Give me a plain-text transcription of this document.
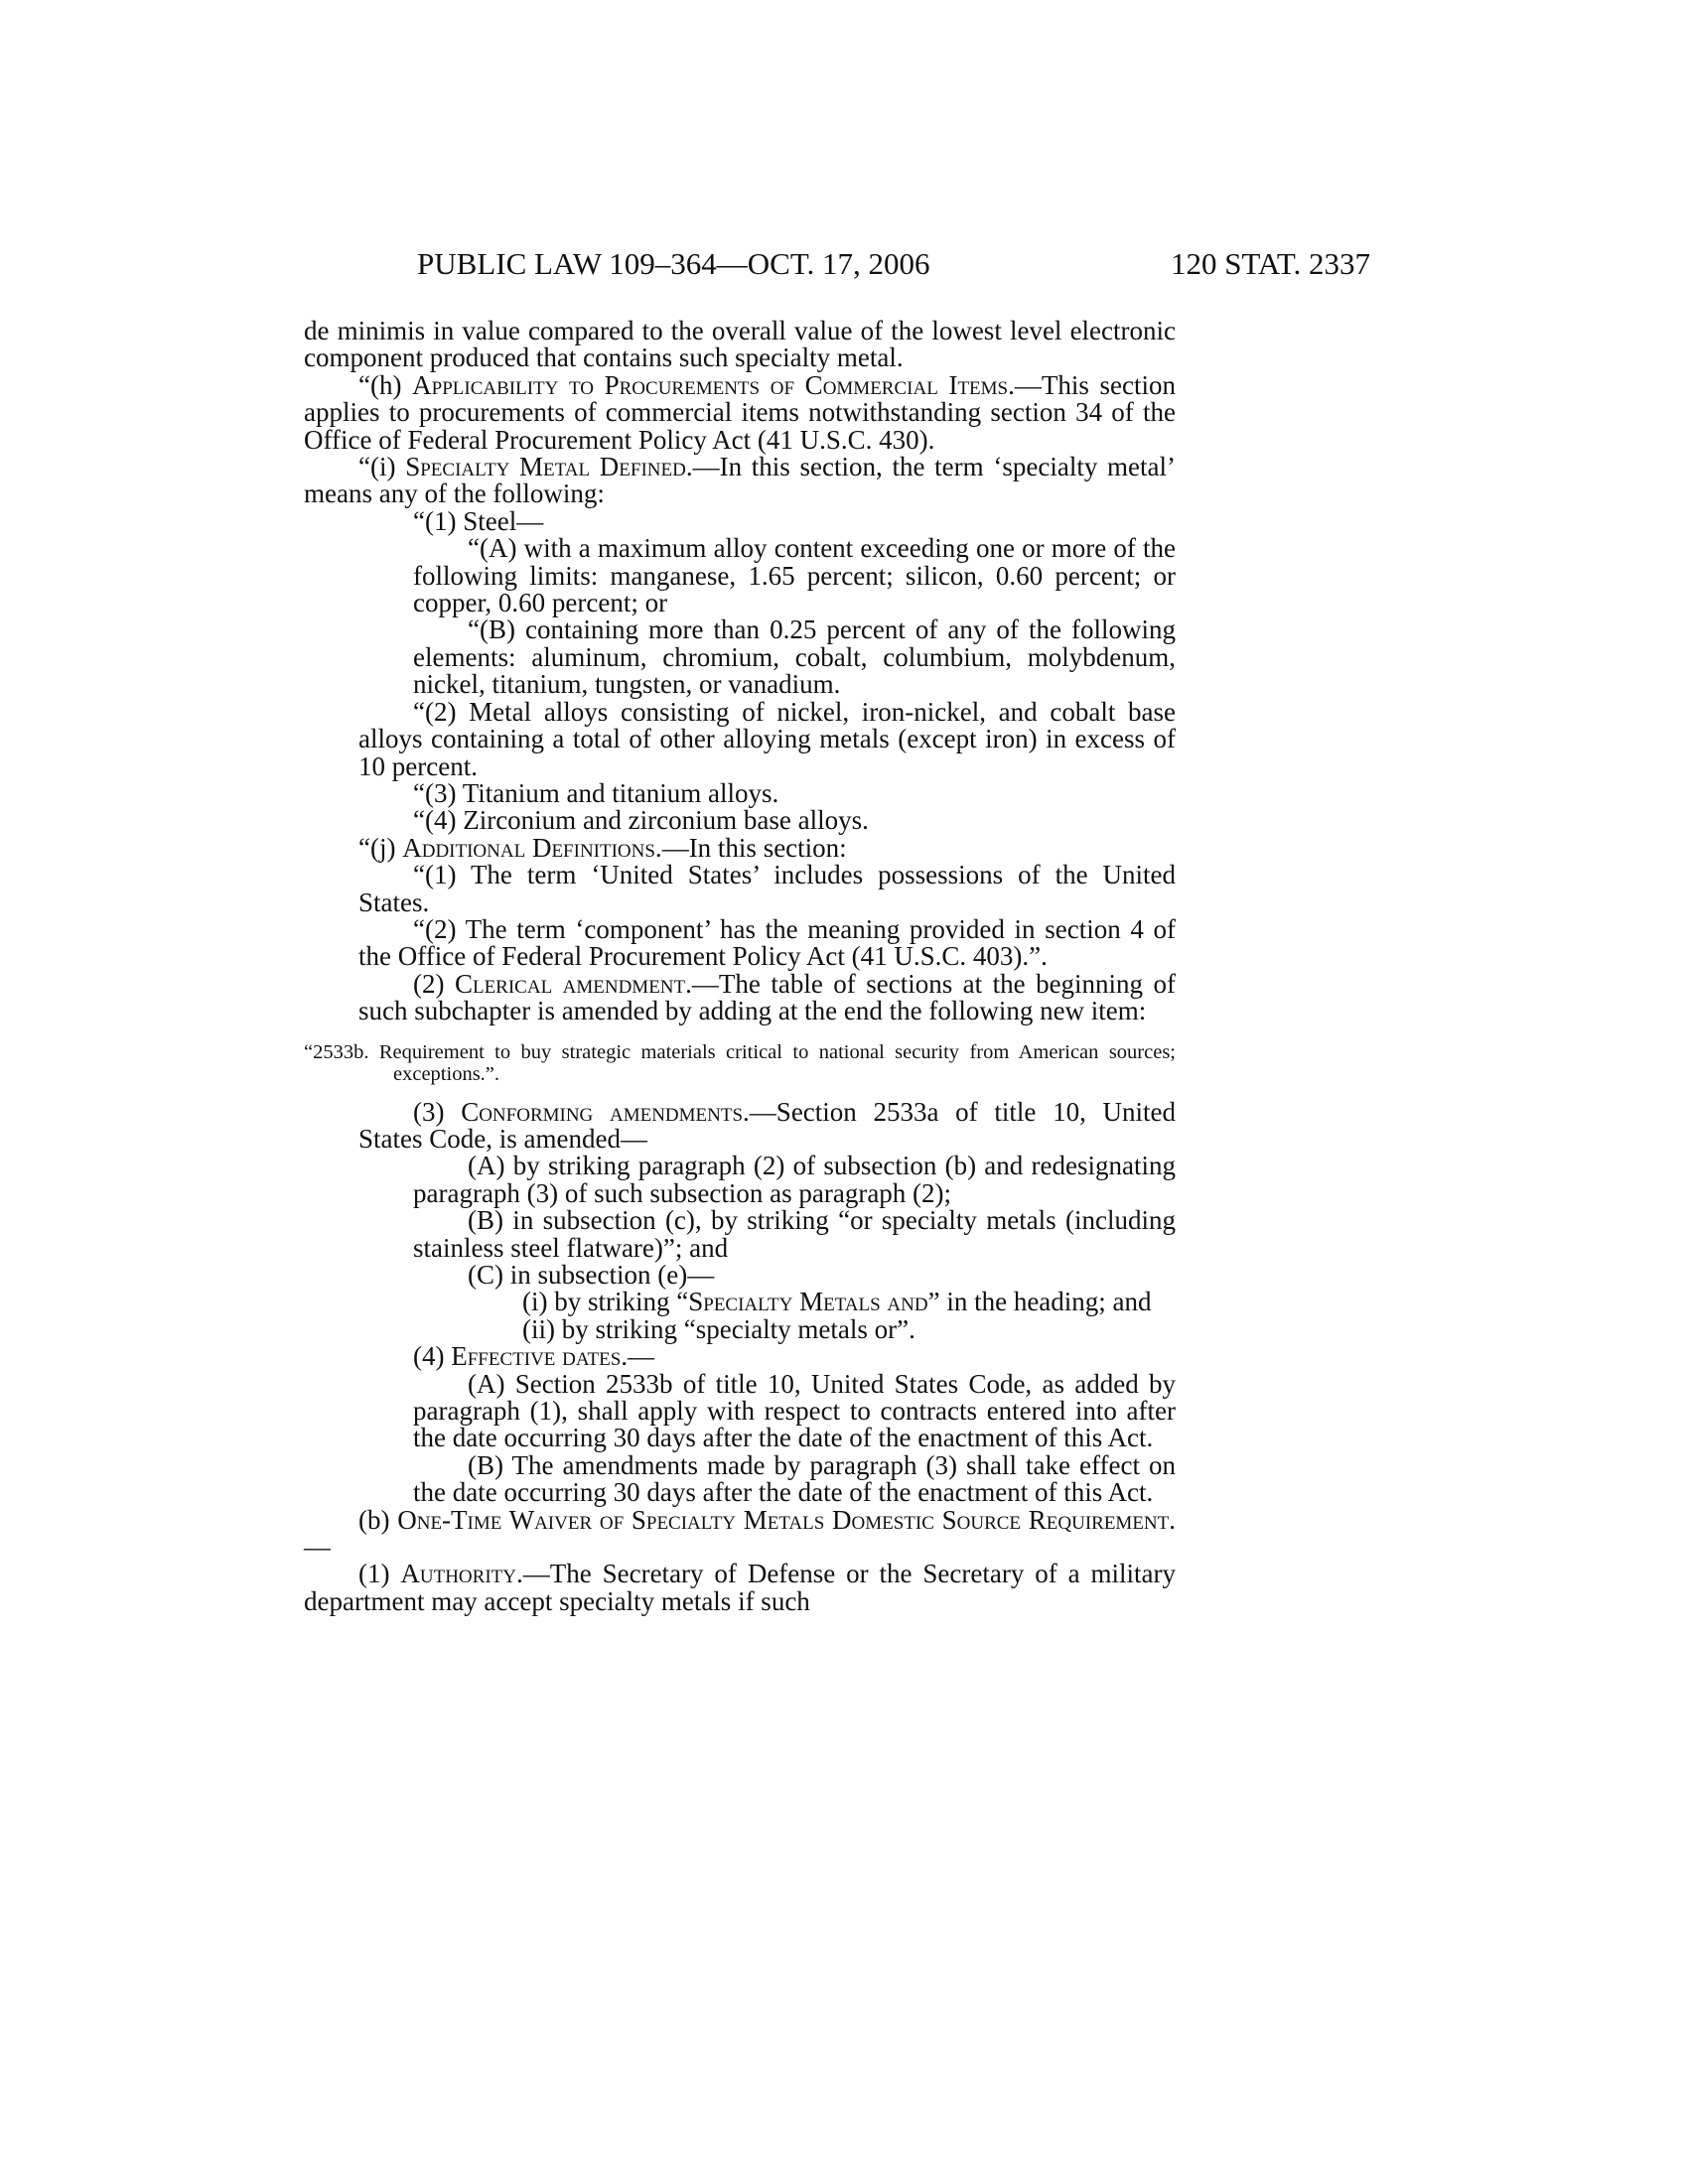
PUBLIC LAW 109–364—OCT. 17, 2006	120 STAT. 2337
de minimis in value compared to the overall value of the lowest level electronic component produced that contains such specialty metal.
“(h) Applicability to Procurements of Commercial Items.—This section applies to procurements of commercial items notwithstanding section 34 of the Office of Federal Procurement Policy Act (41 U.S.C. 430).
“(i) Specialty Metal Defined.—In this section, the term ‘specialty metal’ means any of the following:
“(1) Steel—
“(A) with a maximum alloy content exceeding one or more of the following limits: manganese, 1.65 percent; silicon, 0.60 percent; or copper, 0.60 percent; or
“(B) containing more than 0.25 percent of any of the following elements: aluminum, chromium, cobalt, columbium, molybdenum, nickel, titanium, tungsten, or vanadium.
“(2) Metal alloys consisting of nickel, iron-nickel, and cobalt base alloys containing a total of other alloying metals (except iron) in excess of 10 percent.
“(3) Titanium and titanium alloys.
“(4) Zirconium and zirconium base alloys.
“(j) Additional Definitions.—In this section:
“(1) The term ‘United States’ includes possessions of the United States.
“(2) The term ‘component’ has the meaning provided in section 4 of the Office of Federal Procurement Policy Act (41 U.S.C. 403).”.
(2) Clerical amendment.—The table of sections at the beginning of such subchapter is amended by adding at the end the following new item:
“2533b. Requirement to buy strategic materials critical to national security from American sources; exceptions.”.
(3) Conforming amendments.—Section 2533a of title 10, United States Code, is amended—
(A) by striking paragraph (2) of subsection (b) and redesignating paragraph (3) of such subsection as paragraph (2);
(B) in subsection (c), by striking “or specialty metals (including stainless steel flatware)”; and
(C) in subsection (e)—
(i) by striking “Specialty Metals and” in the heading; and
(ii) by striking “specialty metals or”.
(4) Effective dates.—
(A) Section 2533b of title 10, United States Code, as added by paragraph (1), shall apply with respect to contracts entered into after the date occurring 30 days after the date of the enactment of this Act.
(B) The amendments made by paragraph (3) shall take effect on the date occurring 30 days after the date of the enactment of this Act.
(b) One-Time Waiver of Specialty Metals Domestic Source Requirement.—
(1) Authority.—The Secretary of Defense or the Secretary of a military department may accept specialty metals if such
